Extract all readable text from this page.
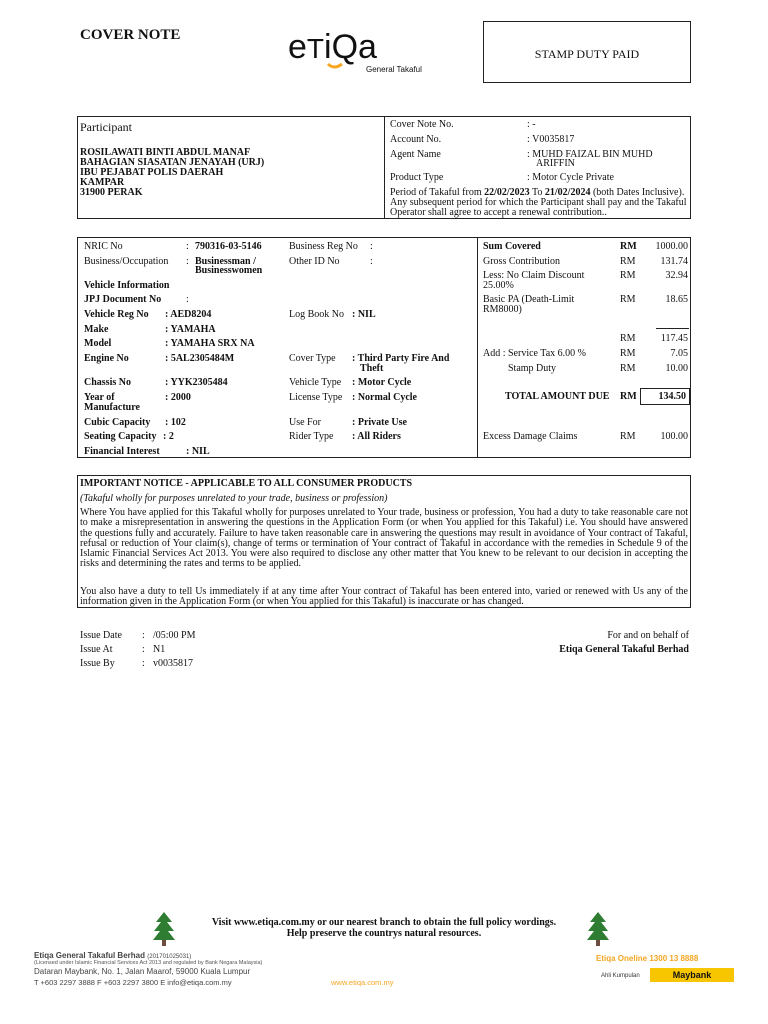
COVER NOTE	eTiQa
General Takaful
STAMP DUTY PAID
Participant
ROSILAWATI BINTI ABDUL MANAF
BAHAGIAN SIASATAN JENAYAH (URJ)
IBU PEJABAT POLIS DAERAH
KAMPAR
31900 PERAK
Cover Note No.	: -
Account No.	: V0035817
Agent Name	: MUHD FAIZAL BIN MUHD
ARIFFIN
Product Type	: Motor Cycle Private
Period of Takaful from 22/02/2023 To 21/02/2024 (both Dates Inclusive). Any subsequent period for which the Participant shall pay and the Takaful Operator shall agree to accept a renewal contribution..
NRIC No	: 790316-03-5146	Business Reg No :
Business/Occupation : Businessman /
Businesswomen
Other ID No	:
Vehicle Information
JPJ Document No :
Vehicle Reg No : AED8204	Log Book No : NIL
Make	: YAMAHA
Model	: YAMAHA SRX NA
Engine No	: 5AL2305484M	Cover Type : Third Party Fire And
Theft
Chassis No	: YYK2305484	Vehicle Type : Motor Cycle
Year of
Manufacture
: 2000	License Type : Normal Cycle
Cubic Capacity : 102	Use For	: Private Use
Seating Capacity : 2	Rider Type : All Riders
Financial Interest	: NIL
Sum Covered	RM	1000.00
Gross Contribution	RM	131.74
Less: No Claim Discount
25.00%
RM	32.94
Basic PA (Death-Limit
RM8000)
RM	18.65
RM	117.45
Add : Service Tax 6.00 %	RM	7.05
Stamp Duty	RM	10.00
TOTAL AMOUNT DUE RM	134.50
Excess Damage Claims	RM	100.00
IMPORTANT NOTICE - APPLICABLE TO ALL CONSUMER PRODUCTS
(Takaful wholly for purposes unrelated to your trade, business or profession)
Where You have applied for this Takaful wholly for purposes unrelated to Your trade, business or profession, You had a duty to take reasonable care not to make a misrepresentation in answering the questions in the Application Form (or when You applied for this Takaful) i.e. You should have answered the questions fully and accurately. Failure to have taken reasonable care in answering the questions may result in avoidance of Your contract of Takaful, refusal or reduction of Your claim(s), change of terms or termination of Your contract of Takaful in accordance with the remedies in Schedule 9 of the Islamic Financial Services Act 2013. You were also required to disclose any other matter that You knew to be relevant to our decision in accepting the risks and determining the rates and terms to be applied.
You also have a duty to tell Us immediately if at any time after Your contract of Takaful has been entered into, varied or renewed with Us any of the information given in the Application Form (or when You applied for this Takaful) is inaccurate or has changed.
Issue Date : /05:00 PM
Issue At	: N1
Issue By	: v0035817
For and on behalf of
Etiqa General Takaful Berhad
Visit www.etiqa.com.my or our nearest branch to obtain the full policy wordings.
Help preserve the countrys natural resources.
Etiqa General Takaful Berhad (201701025031)
(Licensed under Islamic Financial Services Act 2013 and regulated by Bank Negara Malaysia)
Dataran Maybank, No. 1, Jalan Maarof, 59000 Kuala Lumpur
T +603 2297 3888 F +603 2297 3800 E info@etiqa.com.my	www.etiqa.com.my
Etiqa Oneline 1300 13 8888
Ahli Kumpulan	Maybank
